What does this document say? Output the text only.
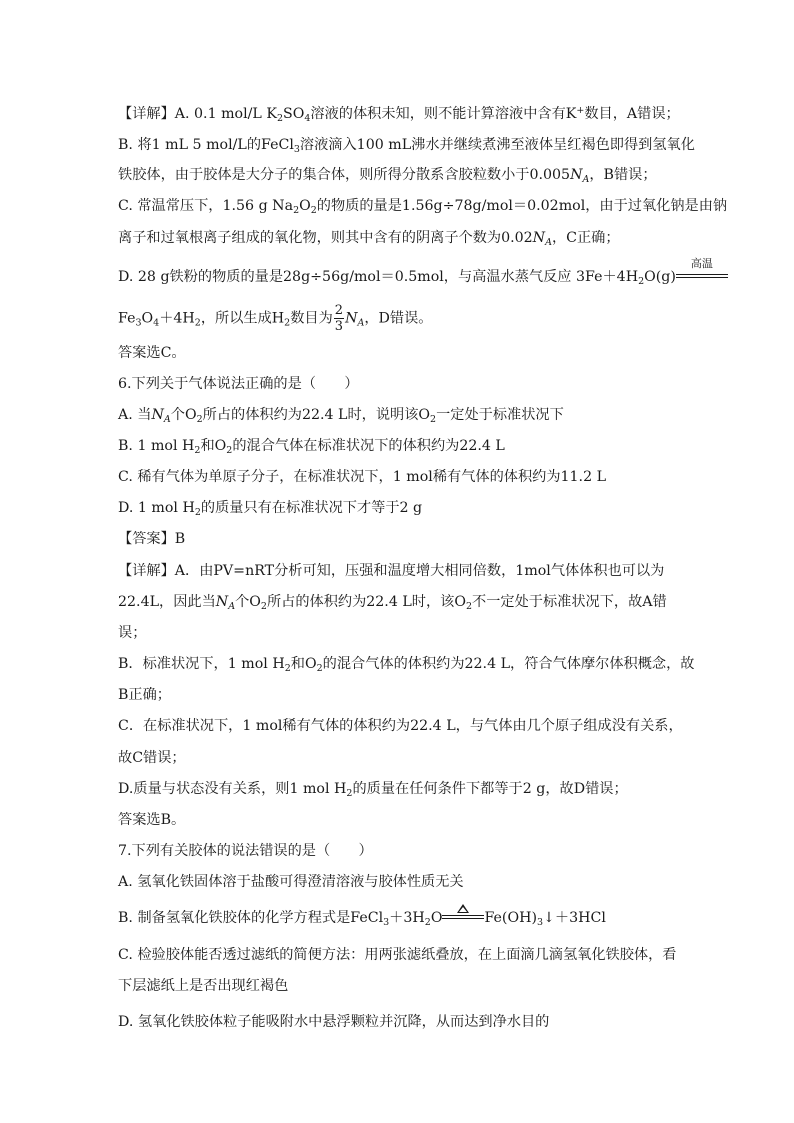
【详解】A. 0.1 mol/L $K_2SO_4$溶液的体积未知，则不能计算溶液中含有K+数目，A错误；
B. 将1 mL 5 mol/L的FeCl$_3$溶液滴入100 mL沸水并继续煮沸至液体呈红褐色即得到氢氧化
铁胶体，由于胶体是大分子的集合体，则所得分散系含胶粒数小于$0.005N_A$，B错误；
C. 常温常压下，1.56 g $Na_2O_2$的物质的量是1.56g÷78g/mol＝0.02mol，由于过氧化钠是由钠
离子和过氧根离子组成的氧化物，则其中含有的阴离子个数为$0.02N_A$，C正确；
D. 28 g铁粉的物质的量是28g÷56g/mol＝0.5mol，与高温水蒸气反应 $3Fe+4H_2O(g)$
高温
$Fe_3O_4+4H_2$，所以生成$H_2$数目为 $\frac{2}{3} N_A$，D错误。
答案选C。
6.下列关于气体说法正确的是（　　）
A. 当$N_A$个$O_2$所占的体积约为22.4 L时，说明该$O_2$一定处于标准状况下
B. 1 mol $H_2$和$O_2$的混合气体在标准状况下的体积约为22.4 L
C. 稀有气体为单原子分子，在标准状况下，1 mol稀有气体的体积约为11.2 L
D. 1 mol $H_2$的质量只有在标准状况下才等于2 g
【答案】B
【详解】A．由PV=nRT分析可知，压强和温度增大相同倍数，1mol气体体积也可以为
22.4L，因此当$N_A$个$O_2$所占的体积约为22.4 L时，该$O_2$不一定处于标准状况下，故A错
误；
B．标准状况下，1 mol $H_2$和$O_2$的混合气体的体积约为22.4 L，符合气体摩尔体积概念，故
B正确；
C．在标准状况下，1 mol稀有气体的体积约为22.4 L，与气体由几个原子组成没有关系，
故C错误；
D.质量与状态没有关系，则1 mol $H_2$的质量在任何条件下都等于2 g，故D错误；
答案选B。
7.下列有关胶体的说法错误的是（　　）
A. 氢氧化铁固体溶于盐酸可得澄清溶液与胶体性质无关
B. 制备氢氧化铁胶体的化学方程式是$FeCl_3+3H_2O$	$Fe(OH)_3↓+3HCl$
C. 检验胶体能否透过滤纸的简便方法：用两张滤纸叠放，在上面滴几滴氢氧化铁胶体，看
下层滤纸上是否出现红褐色
D. 氢氧化铁胶体粒子能吸附水中悬浮颗粒并沉降，从而达到净水目的
